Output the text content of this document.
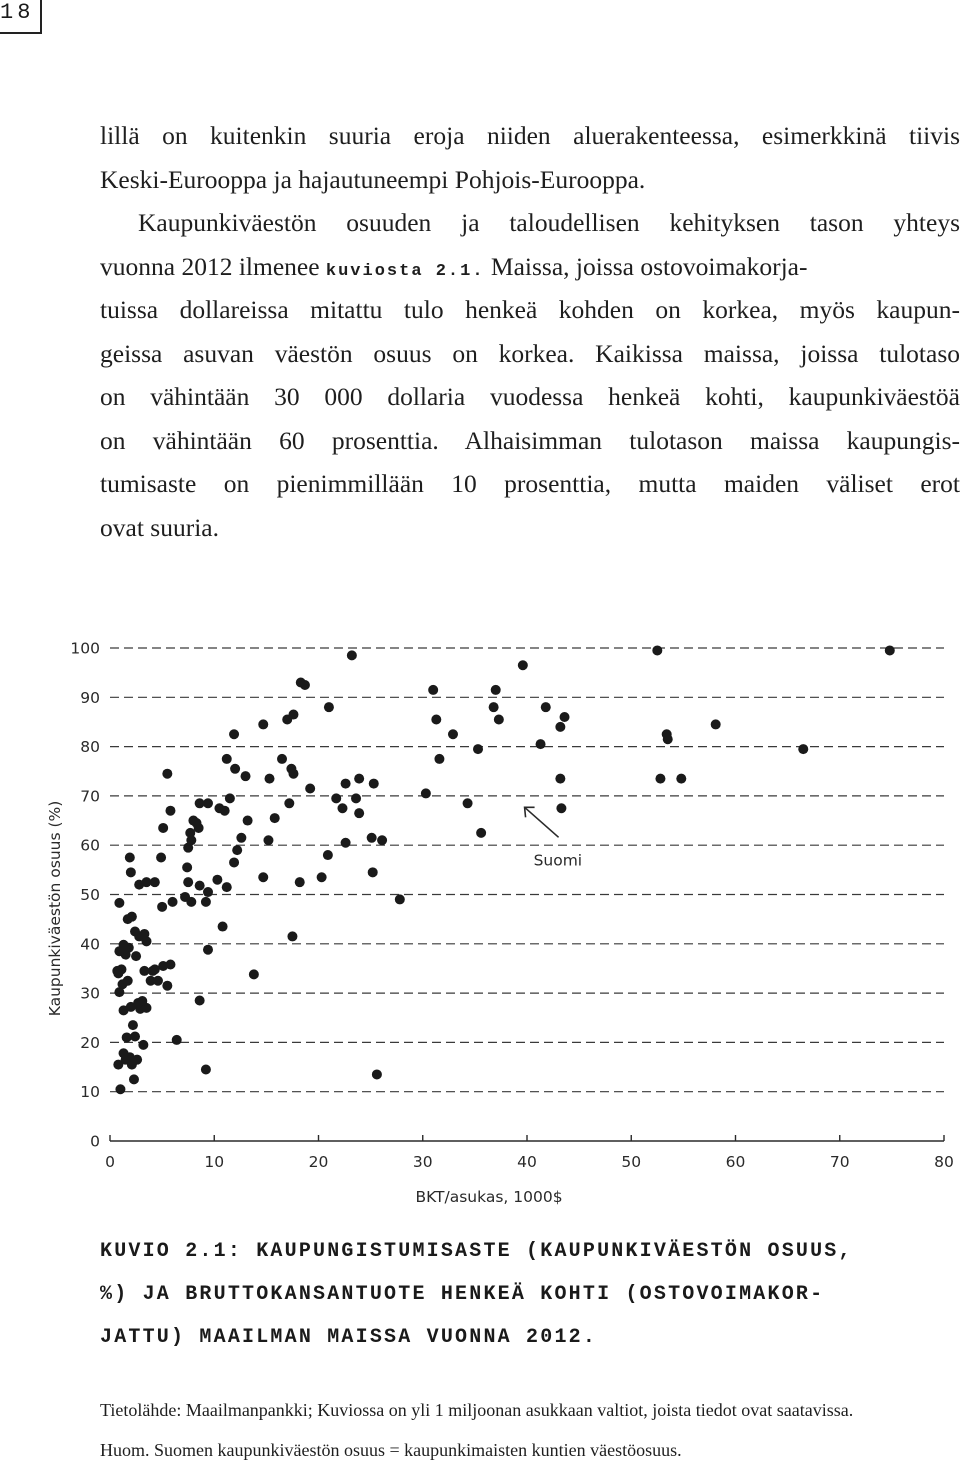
18
lillä on kuitenkin suuria eroja niiden aluerakenteessa, esimerkkinä tiivis
Keski-Eurooppa ja hajautuneempi Pohjois-Eurooppa.
Kaupunkiväestön osuuden ja taloudellisen kehityksen tason yhteys
vuonna 2012 ilmenee kuviosta 2.1. Maissa, joissa ostovoimakorja-
tuissa dollareissa mitattu tulo henkeä kohden on korkea, myös kaupun-
geissa asuvan väestön osuus on korkea. Kaikissa maissa, joissa tulotaso
on vähintään 30 000 dollaria vuodessa henkeä kohti, kaupunkiväestöä
on vähintään 60 prosenttia. Alhaisimman tulotason maissa kaupungis-
tumisaste on pienimmillään 10 prosenttia, mutta maiden väliset erot
ovat suuria.
0
10
20
30
40
50
60
70
80
90
100
0	10	20	30	40	50	60	70	80
Suomi
BKT/asukas, 1000$
Kaupunkiväestön osuus (%)
KUVIO 2.1: KAUPUNGISTUMISASTE (KAUPUNKIVÄESTÖN OSUUS,
%) JA BRUTTOKANSANTUOTE HENKEÄ KOHTI (OSTOVOIMAKOR-
JATTU) MAAILMAN MAISSA VUONNA 2012.
Tietolähde: Maailmanpankki; Kuviossa on yli 1 miljoonan asukkaan valtiot, joista tiedot ovat saatavissa.
Huom. Suomen kaupunkiväestön osuus = kaupunkimaisten kuntien väestöosuus.
